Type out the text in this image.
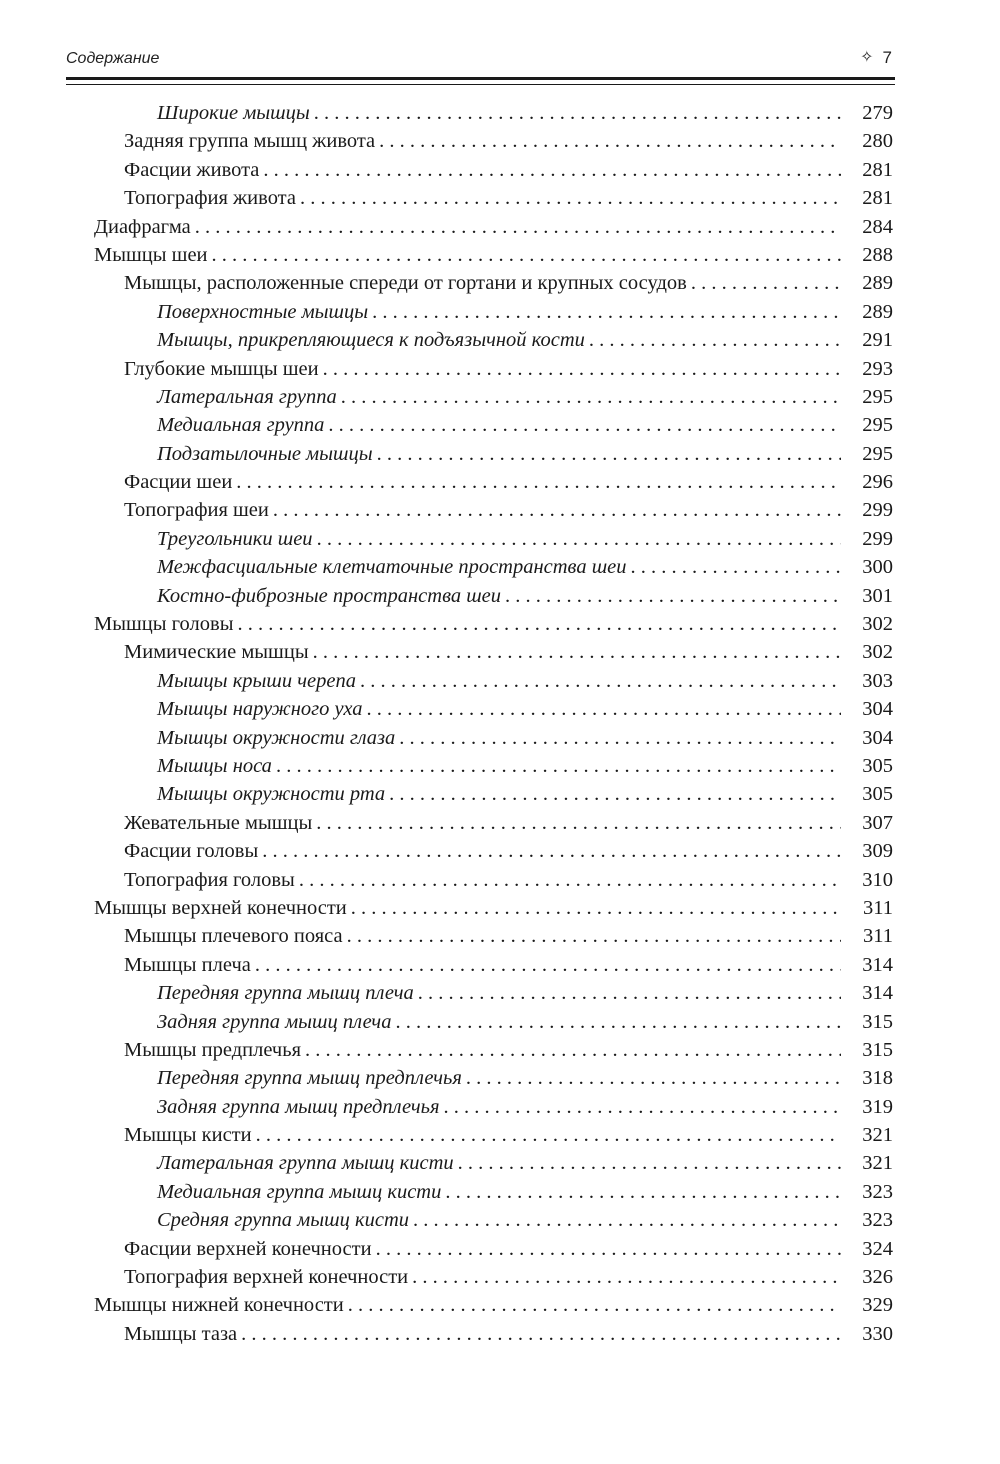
Содержание	✧ 7
Широкие мышцы . . .	279
Задняя группа мышц живота . . .	280
Фасции живота . . .	281
Топография живота . . .	281
Диафрагма . . .	284
Мышцы шеи . . .	288
Мышцы, расположенные спереди от гортани и крупных сосудов . . .	289
Поверхностные мышцы . . .	289
Мышцы, прикрепляющиеся к подъязычной кости . . .	291
Глубокие мышцы шеи . . .	293
Латеральная группа . . .	295
Медиальная группа . . .	295
Подзатылочные мышцы . . .	295
Фасции шеи . . .	296
Топография шеи . . .	299
Треугольники шеи . . .	299
Межфасциальные клетчаточные пространства шеи . . .	300
Костно-фиброзные пространства шеи . . .	301
Мышцы головы . . .	302
Мимические мышцы . . .	302
Мышцы крыши черепа . . .	303
Мышцы наружного уха . . .	304
Мышцы окружности глаза . . .	304
Мышцы носа . . .	305
Мышцы окружности рта . . .	305
Жевательные мышцы . . .	307
Фасции головы . . .	309
Топография головы . . .	310
Мышцы верхней конечности . . .	311
Мышцы плечевого пояса . . .	311
Мышцы плеча . . .	314
Передняя группа мышц плеча . . .	314
Задняя группа мышц плеча . . .	315
Мышцы предплечья . . .	315
Передняя группа мышц предплечья . . .	318
Задняя группа мышц предплечья . . .	319
Мышцы кисти . . .	321
Латеральная группа мышц кисти . . .	321
Медиальная группа мышц кисти . . .	323
Средняя группа мышц кисти . . .	323
Фасции верхней конечности . . .	324
Топография верхней конечности . . .	326
Мышцы нижней конечности . . .	329
Мышцы таза . . .	330
